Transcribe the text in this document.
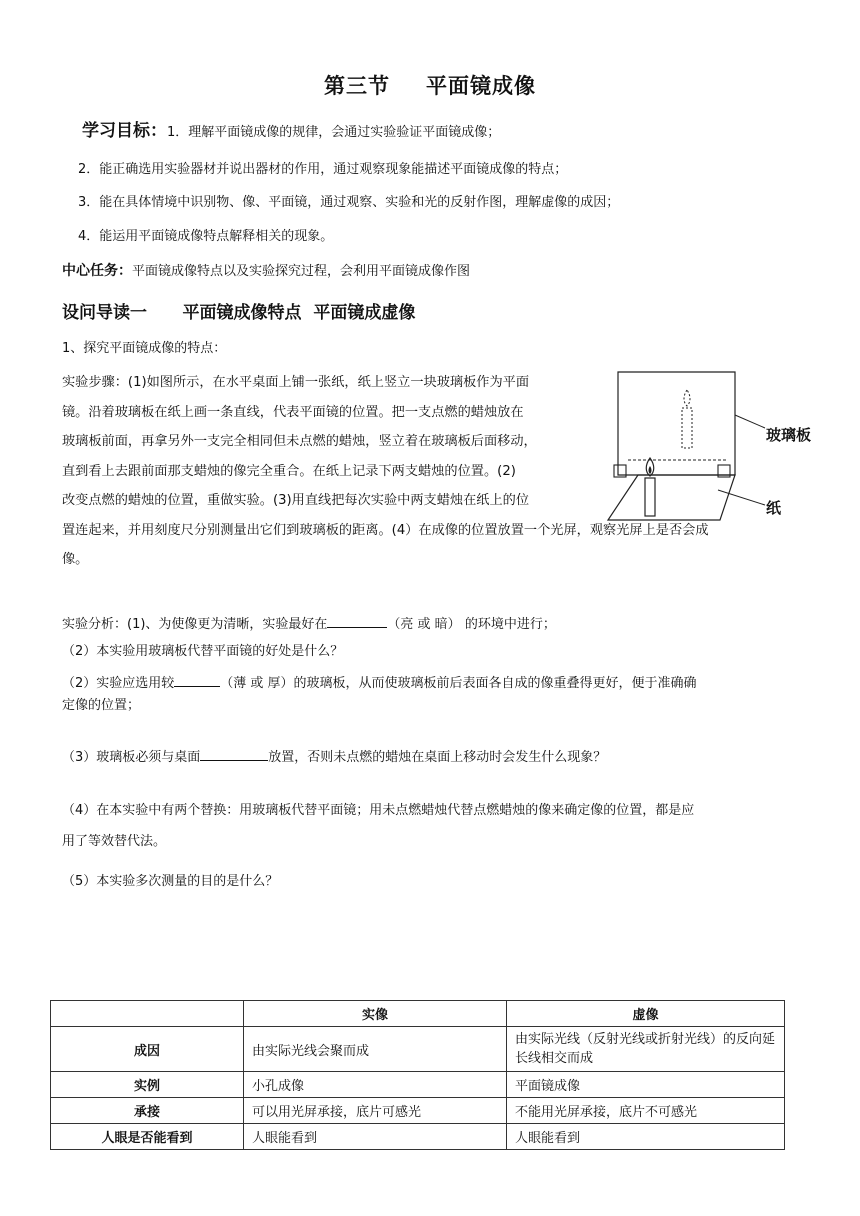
第三节 平面镜成像
学习目标：1．理解平面镜成像的规律，会通过实验验证平面镜成像；
2．能正确选用实验器材并说出器材的作用，通过观察现象能描述平面镜成像的特点；
3．能在具体情境中识别物、像、平面镜，通过观察、实验和光的反射作图，理解虚像的成因；
4．能运用平面镜成像特点解释相关的现象。
中心任务：平面镜成像特点以及实验探究过程，会利用平面镜成像作图
设问导读一      平面镜成像特点  平面镜成虚像
1、探究平面镜成像的特点：
实验步骤：(1)如图所示，在水平桌面上铺一张纸，纸上竖立一块玻璃板作为平面
镜。沿着玻璃板在纸上画一条直线，代表平面镜的位置。把一支点燃的蜡烛放在
玻璃板前面，再拿另外一支完全相同但未点燃的蜡烛，竖立着在玻璃板后面移动，
直到看上去跟前面那支蜡烛的像完全重合。在纸上记录下两支蜡烛的位置。(2)
改变点燃的蜡烛的位置，重做实验。(3)用直线把每次实验中两支蜡烛在纸上的位
置连起来，并用刻度尺分别测量出它们到玻璃板的距离。(4）在成像的位置放置一个光屏，观察光屏上是否会成
像。
玻璃板
纸
实验分析：(1)、为使像更为清晰，实验最好在	（亮 或 暗） 的环境中进行；
（2）本实验用玻璃板代替平面镜的好处是什么？
（2）实验应选用较	（薄 或 厚）的玻璃板，从而使玻璃板前后表面各自成的像重叠得更好，便于准确确
定像的位置；
（3）玻璃板必须与桌面	放置，否则未点燃的蜡烛在桌面上移动时会发生什么现象？
（4）在本实验中有两个替换：用玻璃板代替平面镜；用未点燃蜡烛代替点燃蜡烛的像来确定像的位置，都是应
用了等效替代法。
（5）本实验多次测量的目的是什么？
	实像	虚像
成因	由实际光线会聚而成	由实际光线（反射光线或折射光线）的反向延长线相交而成
实例	小孔成像	平面镜成像
承接	可以用光屏承接，底片可感光	不能用光屏承接，底片不可感光
人眼是否能看到	人眼能看到	人眼能看到
